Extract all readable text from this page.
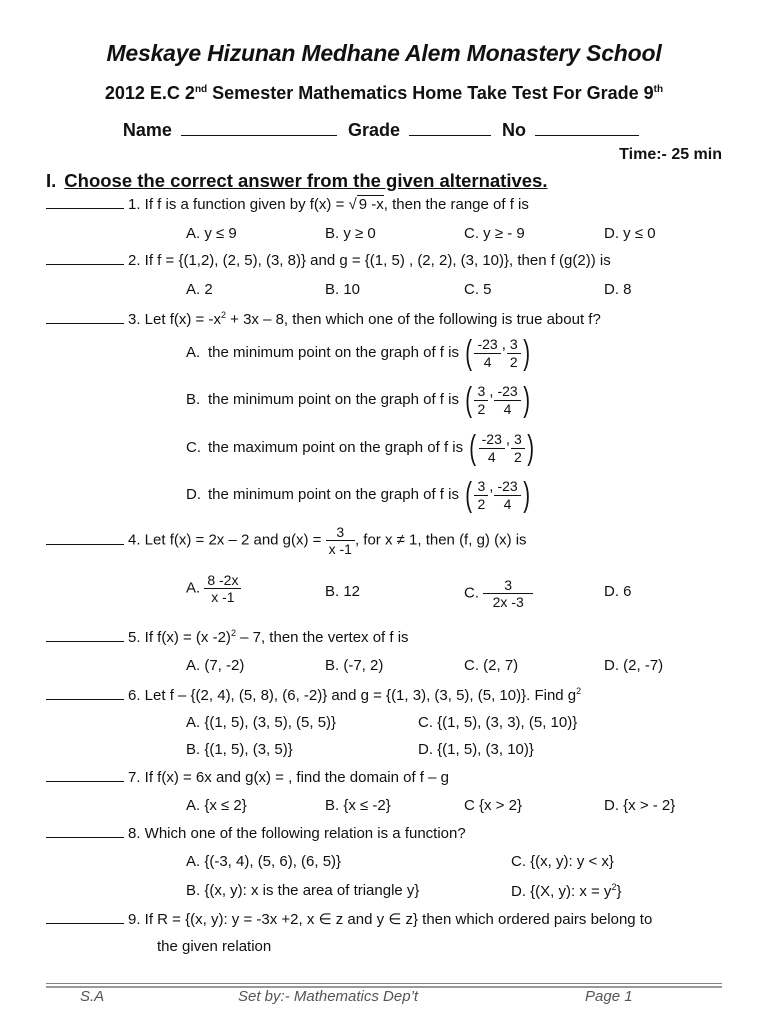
Meskaye Hizunan Medhane Alem Monastery School
2012 E.C 2nd Semester Mathematics Home Take Test For Grade 9th
Name	Grade	No
Time:- 25 min
I. Choose the correct answer from the given alternatives.
1. If f is a function given by f(x) = √ 9 -x, then the range of f is
A. y ≤ 9	B. y ≥ 0	C. y ≥ - 9	D. y ≤ 0
2. If f = {(1,2), (2, 5), (3, 8)} and g = {(1, 5) , (2, 2), (3, 10)}, then f (g(2)) is
A. 2	B. 10	C. 5	D. 8
3. Let $f(x) = -x^2 + 3x - 8$, then which one of the following is true about f?
A. the minimum point on the graph of f is ( $\frac{-23}{4}$ , $\frac{3}{2}$ )
B. the minimum point on the graph of f is ( $\frac{3}{2}$ , $\frac{-23}{4}$ )
C. the maximum point on the graph of f is ( $\frac{-23}{4}$ , $\frac{3}{2}$ )
D. the minimum point on the graph of f is ( $\frac{3}{2}$ , $\frac{-23}{4}$ )
4. Let f(x) = 2x – 2 and $g(x) = \frac{3}{x -1}$ , for x ≠ 1, then (f, g) (x) is
A. $\frac{8 -2x}{x -1}$	B. 12	C. $\frac{3}{2x -3}$	D. 6
5. If f(x) = (x -2)$^2$ – 7, then the vertex of f is
A. (7, -2)	B. (-7, 2)	C. (2, 7)	D. (2, -7)
6. Let f – {(2, 4), (5, 8), (6, -2)} and g = {(1, 3), (3, 5), (5, 10)}. Find $g^2$
A. {(1, 5), (3, 5), (5, 5)}	C. {(1, 5), (3, 3), (5, 10)}
B. {(1, 5), (3, 5)}	D. {(1, 5), (3, 10)}
7. If f(x) = 6x and g(x) = , find the domain of f – g
A. {x ≤ 2}	B. {x ≤ -2}	C {x > 2}	D. {x > - 2}
8. Which one of the following relation is a function?
A. {(-3, 4), (5, 6), (6, 5)}	C. {(x, y): y < x}
B. {(x, y): x is the area of triangle y}	D. {(X, y): $x = y^2$}
9. If R = {(x, y): y = -3x +2, x ∈ z and y ∈ z} then which ordered pairs belong to
the given relation
S.A	Set by:- Mathematics Dep’t	Page 1
